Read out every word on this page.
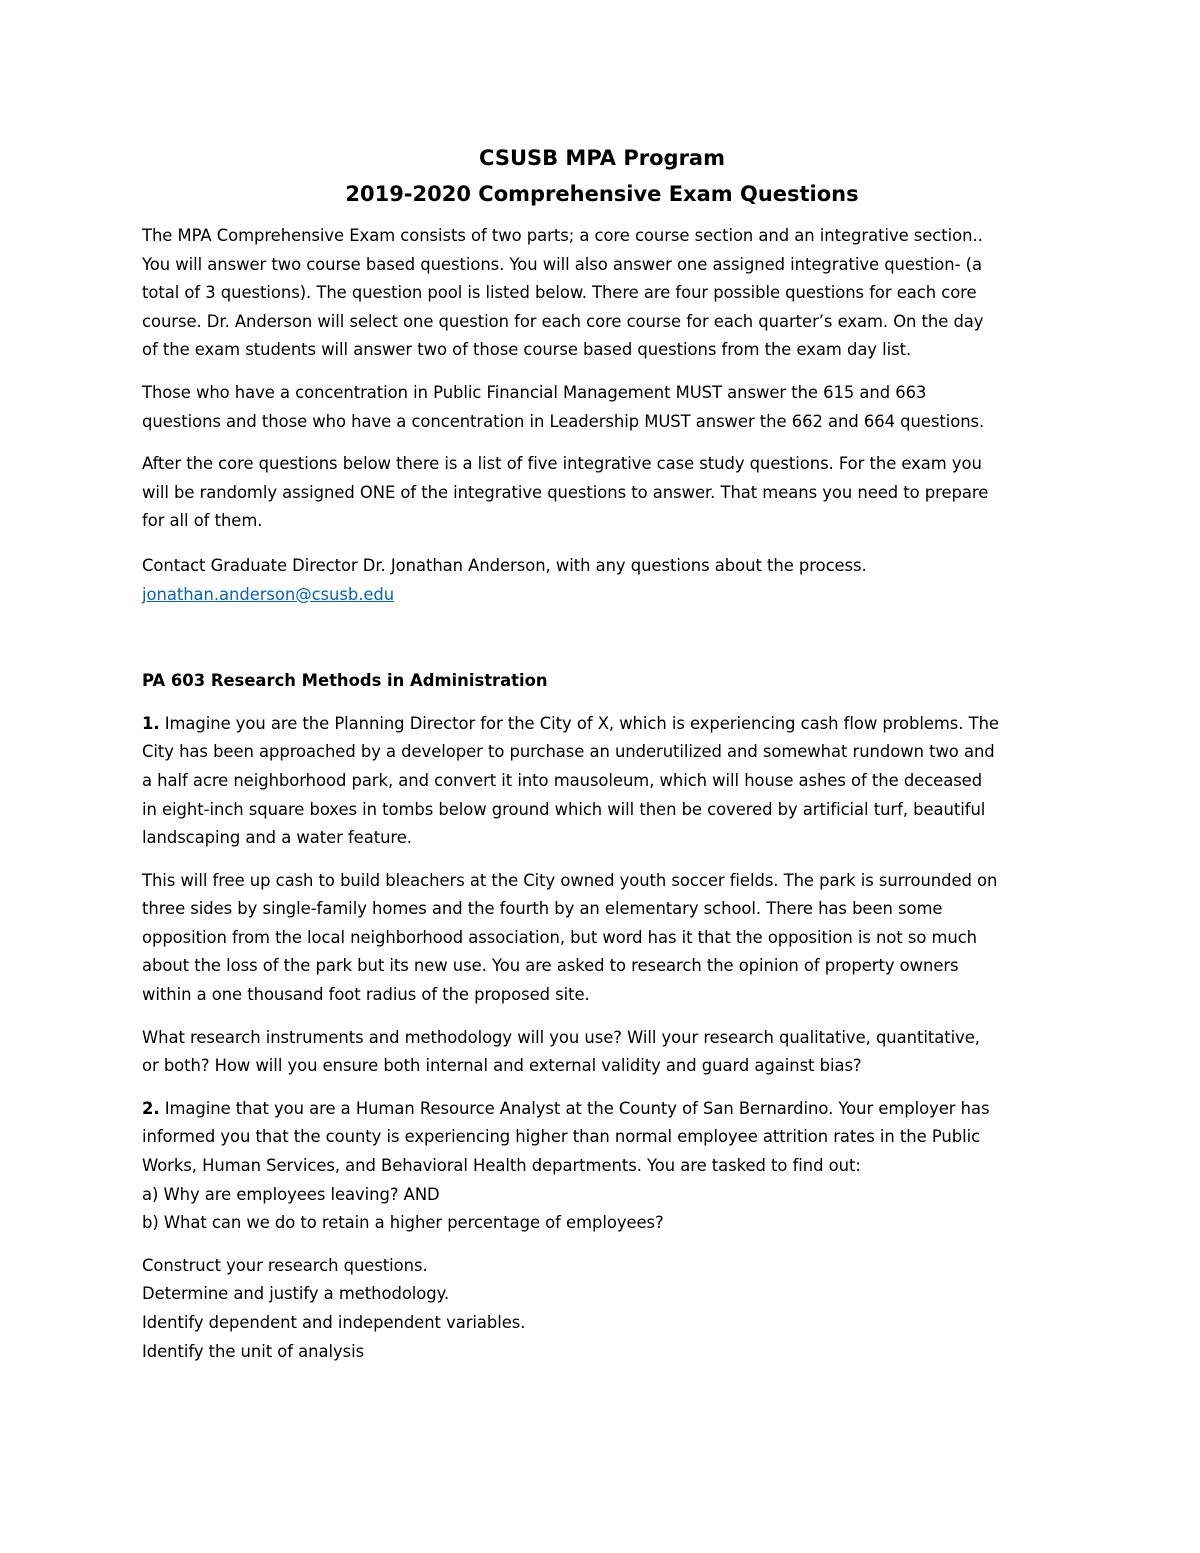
CSUSB MPA Program
2019-2020 Comprehensive Exam Questions

The MPA Comprehensive Exam consists of two parts; a core course section and an integrative section..
You will answer two course based questions. You will also answer one assigned integrative question- (a
total of 3 questions). The question pool is listed below. There are four possible questions for each core
course. Dr. Anderson will select one question for each core course for each quarter’s exam. On the day
of the exam students will answer two of those course based questions from the exam day list.

Those who have a concentration in Public Financial Management MUST answer the 615 and 663
questions and those who have a concentration in Leadership MUST answer the 662 and 664 questions.

After the core questions below there is a list of five integrative case study questions. For the exam you
will be randomly assigned ONE of the integrative questions to answer. That means you need to prepare
for all of them.

Contact Graduate Director Dr. Jonathan Anderson, with any questions about the process.
jonathan.anderson@csusb.edu

PA 603 Research Methods in Administration

1. Imagine you are the Planning Director for the City of X, which is experiencing cash flow problems. The
City has been approached by a developer to purchase an underutilized and somewhat rundown two and
a half acre neighborhood park, and convert it into mausoleum, which will house ashes of the deceased
in eight-inch square boxes in tombs below ground which will then be covered by artificial turf, beautiful
landscaping and a water feature.

This will free up cash to build bleachers at the City owned youth soccer fields. The park is surrounded on
three sides by single-family homes and the fourth by an elementary school. There has been some
opposition from the local neighborhood association, but word has it that the opposition is not so much
about the loss of the park but its new use. You are asked to research the opinion of property owners
within a one thousand foot radius of the proposed site.

What research instruments and methodology will you use? Will your research qualitative, quantitative,
or both? How will you ensure both internal and external validity and guard against bias?

2. Imagine that you are a Human Resource Analyst at the County of San Bernardino. Your employer has
informed you that the county is experiencing higher than normal employee attrition rates in the Public
Works, Human Services, and Behavioral Health departments. You are tasked to find out:
a) Why are employees leaving? AND
b) What can we do to retain a higher percentage of employees?

Construct your research questions.
Determine and justify a methodology.
Identify dependent and independent variables.
Identify the unit of analysis
